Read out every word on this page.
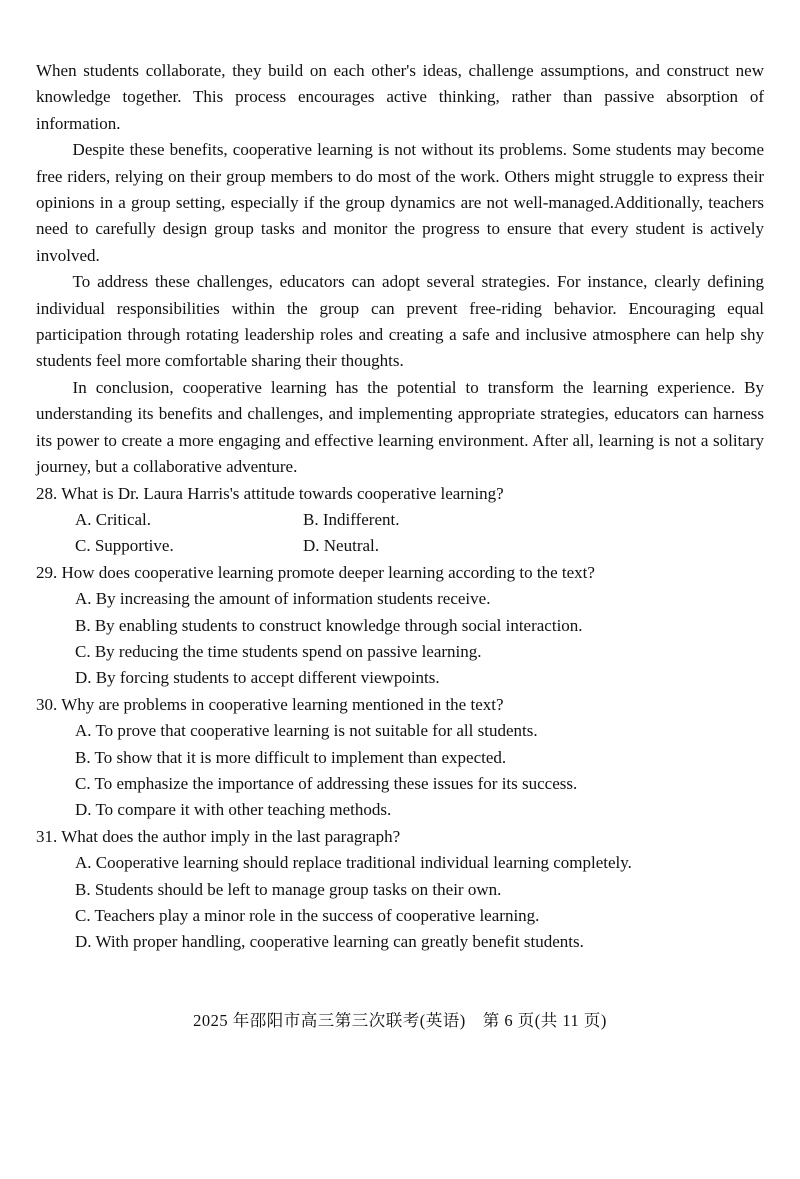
When students collaborate, they build on each other's ideas, challenge assumptions, and construct new knowledge together. This process encourages active thinking, rather than passive absorption of information.
Despite these benefits, cooperative learning is not without its problems. Some students may become free riders, relying on their group members to do most of the work. Others might struggle to express their opinions in a group setting, especially if the group dynamics are not well-managed.Additionally, teachers need to carefully design group tasks and monitor the progress to ensure that every student is actively involved.
To address these challenges, educators can adopt several strategies. For instance, clearly defining individual responsibilities within the group can prevent free-riding behavior. Encouraging equal participation through rotating leadership roles and creating a safe and inclusive atmosphere can help shy students feel more comfortable sharing their thoughts.
In conclusion, cooperative learning has the potential to transform the learning experience. By understanding its benefits and challenges, and implementing appropriate strategies, educators can harness its power to create a more engaging and effective learning environment. After all, learning is not a solitary journey, but a collaborative adventure.
28. What is Dr. Laura Harris's attitude towards cooperative learning?
A. Critical.	B. Indifferent.
C. Supportive.	D. Neutral.
29. How does cooperative learning promote deeper learning according to the text?
A. By increasing the amount of information students receive.
B. By enabling students to construct knowledge through social interaction.
C. By reducing the time students spend on passive learning.
D. By forcing students to accept different viewpoints.
30. Why are problems in cooperative learning mentioned in the text?
A. To prove that cooperative learning is not suitable for all students.
B. To show that it is more difficult to implement than expected.
C. To emphasize the importance of addressing these issues for its success.
D. To compare it with other teaching methods.
31. What does the author imply in the last paragraph?
A. Cooperative learning should replace traditional individual learning completely.
B. Students should be left to manage group tasks on their own.
C. Teachers play a minor role in the success of cooperative learning.
D. With proper handling, cooperative learning can greatly benefit students.
2025 年邵阳市高三第三次联考(英语)　第 6 页(共 11 页)
